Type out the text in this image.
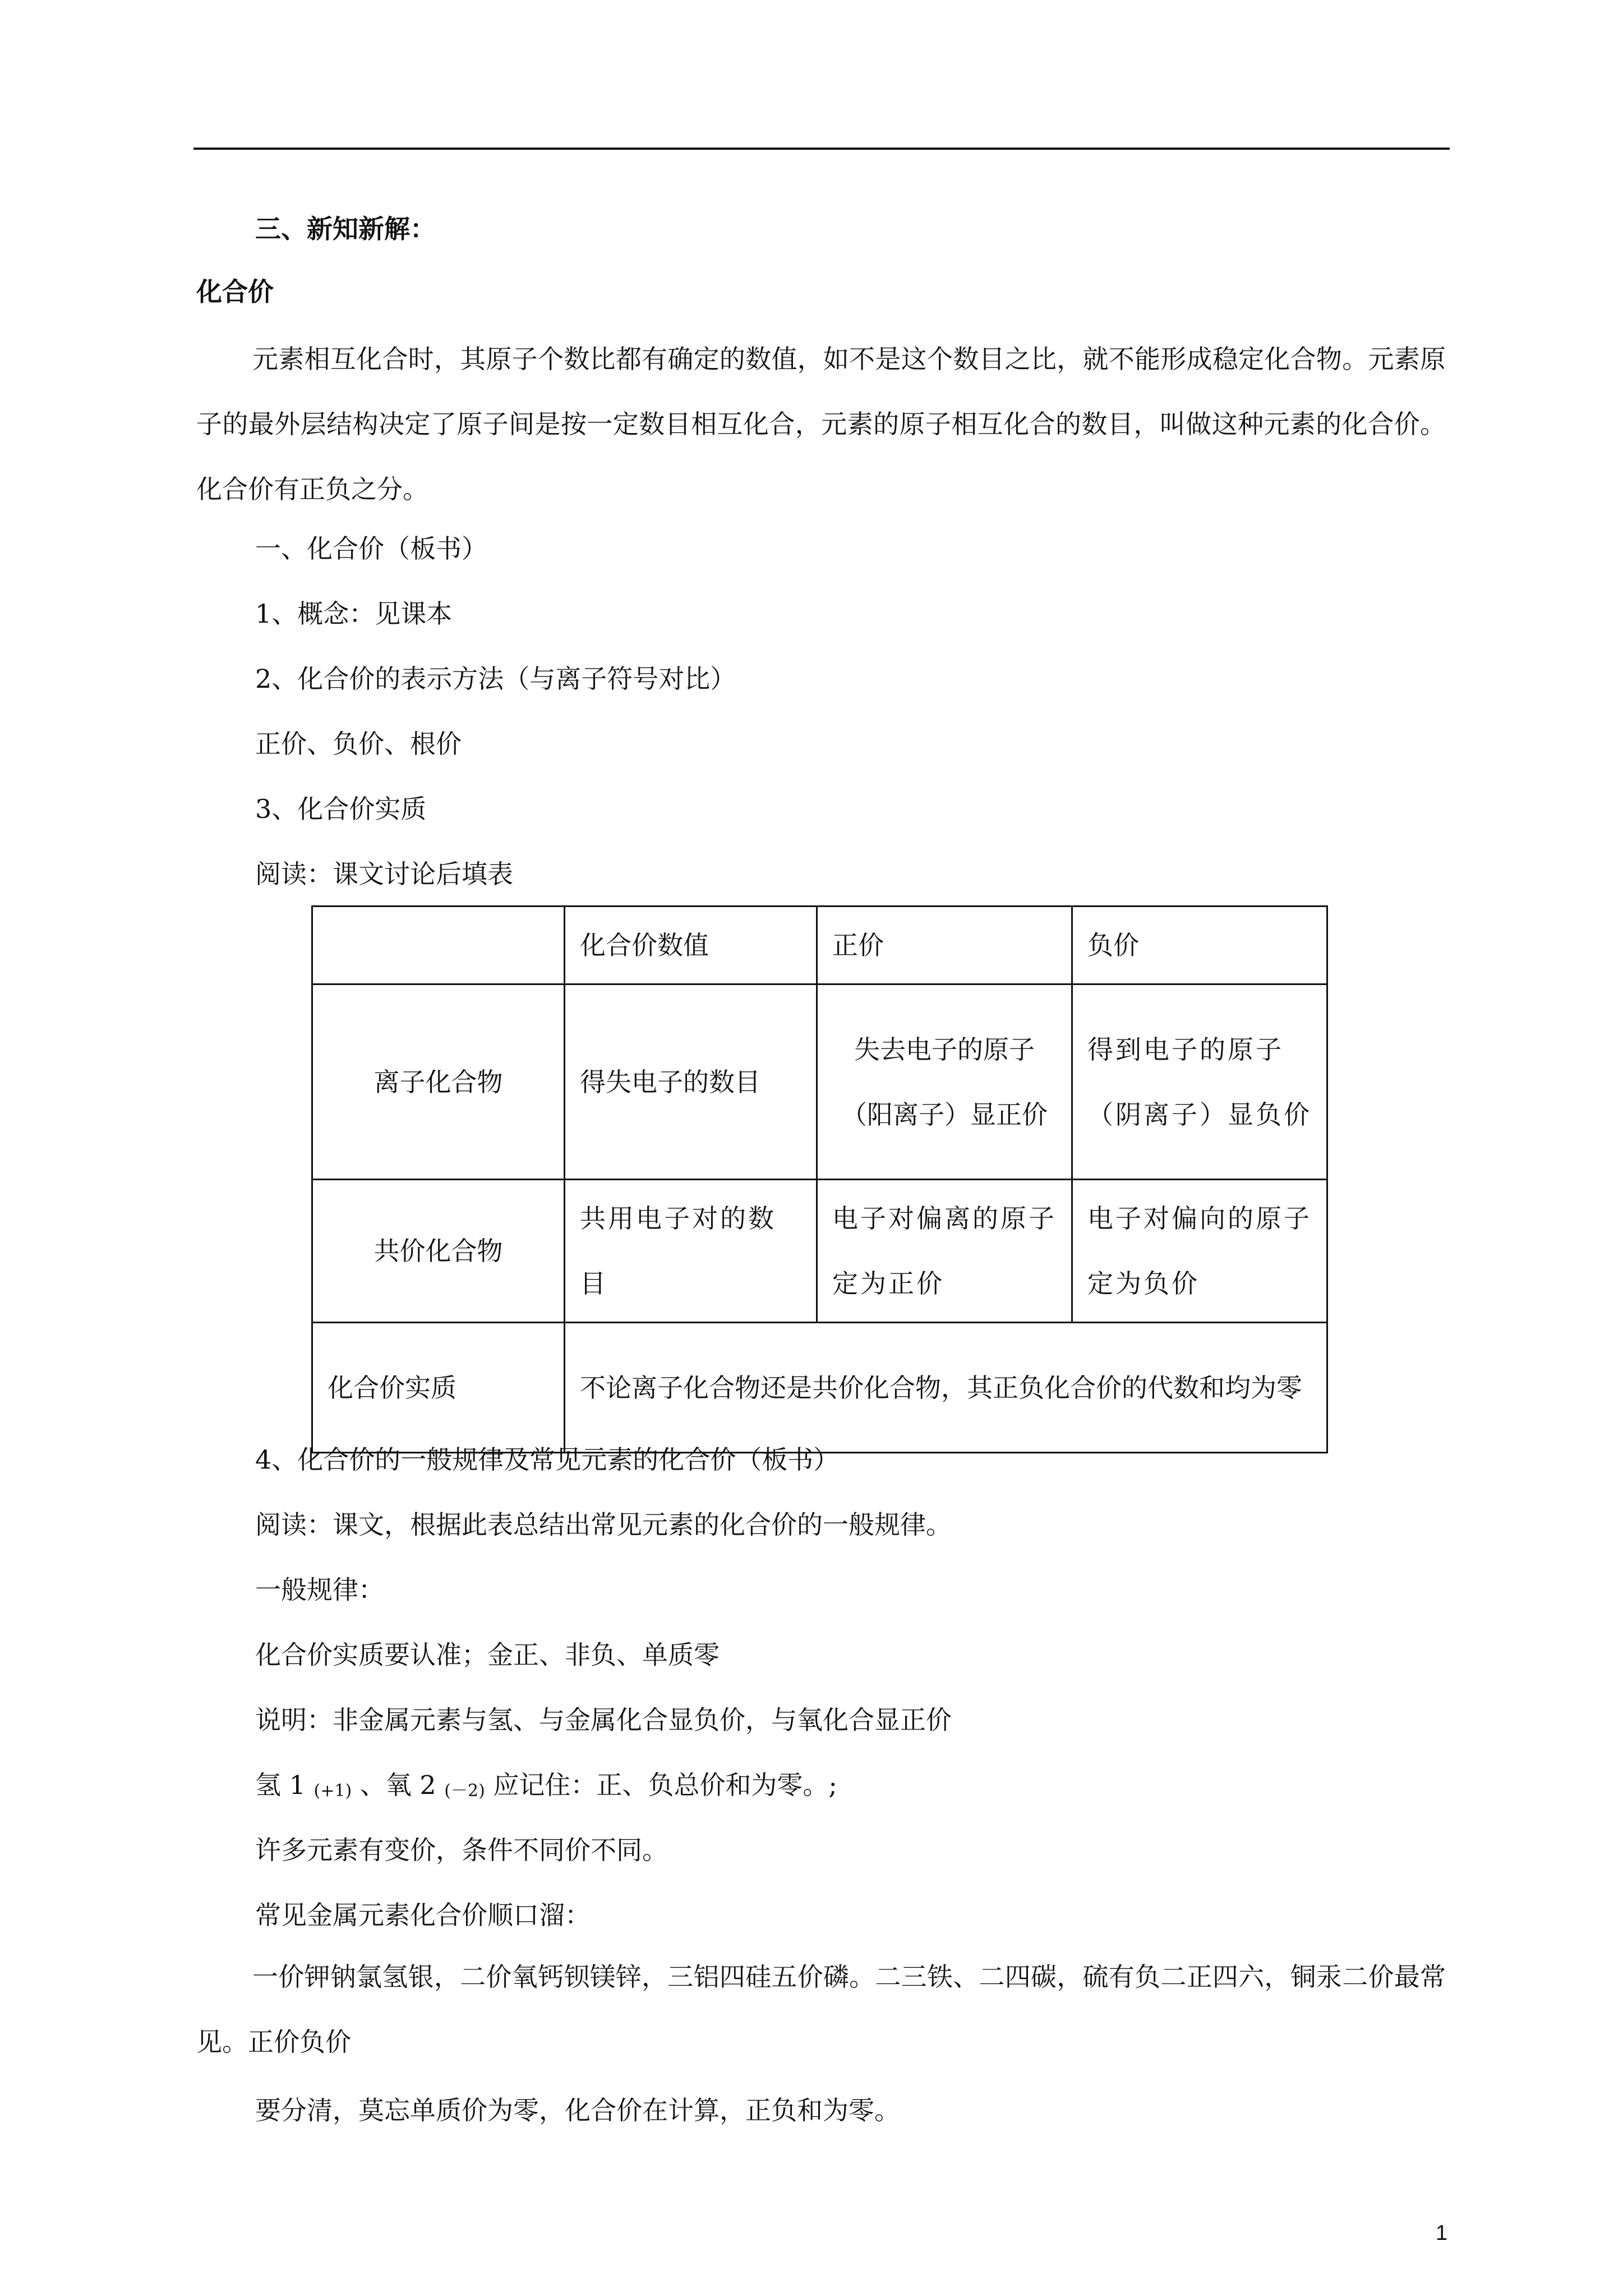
三、新知新解：
化合价
元素相互化合时，其原子个数比都有确定的数值，如不是这个数目之比，就不能形成稳定化合物。元素原子的最外层结构决定了原子间是按一定数目相互化合，元素的原子相互化合的数目，叫做这种元素的化合价。化合价有正负之分。
一、化合价（板书）
1、概念：见课本
2、化合价的表示方法（与离子符号对比）
正价、负价、根价
3、化合价实质
阅读：课文讨论后填表
	化合价数值	正价	负价
离子化合物	得失电子的数目	失去电子的原子（阳离子）显正价	得到电子的原子（阴离子）显负价
共价化合物	共用电子对的数目	电子对偏离的原子定为正价	电子对偏向的原子定为负价
化合价实质	不论离子化合物还是共价化合物，其正负化合价的代数和均为零		
4、化合价的一般规律及常见元素的化合价（板书）
阅读：课文，根据此表总结出常见元素的化合价的一般规律。
一般规律：
化合价实质要认准；金正、非负、单质零
说明：非金属元素与氢、与金属化合显负价，与氧化合显正价
氢 1 (+1) 、氧 2 (－2) 应记住：正、负总价和为零。;
许多元素有变价，条件不同价不同。
常见金属元素化合价顺口溜：
一价钾钠氯氢银，二价氧钙钡镁锌，三铝四硅五价磷。二三铁、二四碳，硫有负二正四六，铜汞二价最常见。正价负价
要分清，莫忘单质价为零，化合价在计算，正负和为零。
1
